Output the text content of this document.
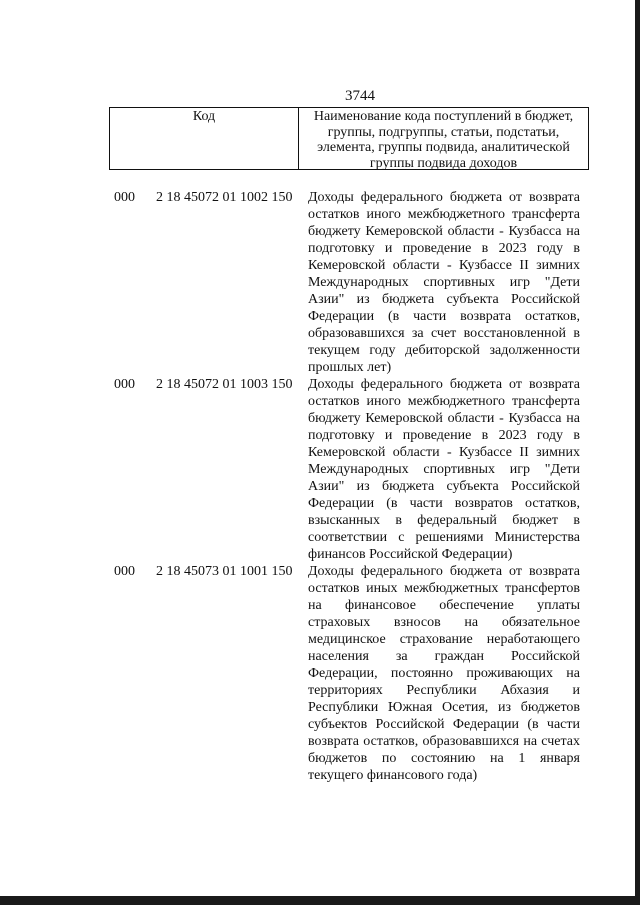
3744
Код	Наименование кода поступлений в бюджет, группы, подгруппы, статьи, подстатьи, элемента, группы подвида, аналитической группы подвида доходов
000 2 18 45072 01 1002 150 Доходы федерального бюджета от возврата остатков иного межбюджетного трансферта бюджету Кемеровской области - Кузбасса на подготовку и проведение в 2023 году в Кемеровской области - Кузбассе II зимних Международных спортивных игр "Дети Азии" из бюджета субъекта Российской Федерации (в части возврата остатков, образовавшихся за счет восстановленной в текущем году дебиторской задолженности прошлых лет)
000 2 18 45072 01 1003 150 Доходы федерального бюджета от возврата остатков иного межбюджетного трансферта бюджету Кемеровской области - Кузбасса на подготовку и проведение в 2023 году в Кемеровской области - Кузбассе II зимних Международных спортивных игр "Дети Азии" из бюджета субъекта Российской Федерации (в части возвратов остатков, взысканных в федеральный бюджет в соответствии с решениями Министерства финансов Российской Федерации)
000 2 18 45073 01 1001 150 Доходы федерального бюджета от возврата остатков иных межбюджетных трансфертов на финансовое обеспечение уплаты страховых взносов на обязательное медицинское страхование неработающего населения за граждан Российской Федерации, постоянно проживающих на территориях Республики Абхазия и Республики Южная Осетия, из бюджетов субъектов Российской Федерации (в части возврата остатков, образовавшихся на счетах бюджетов по состоянию на 1 января текущего финансового года)
